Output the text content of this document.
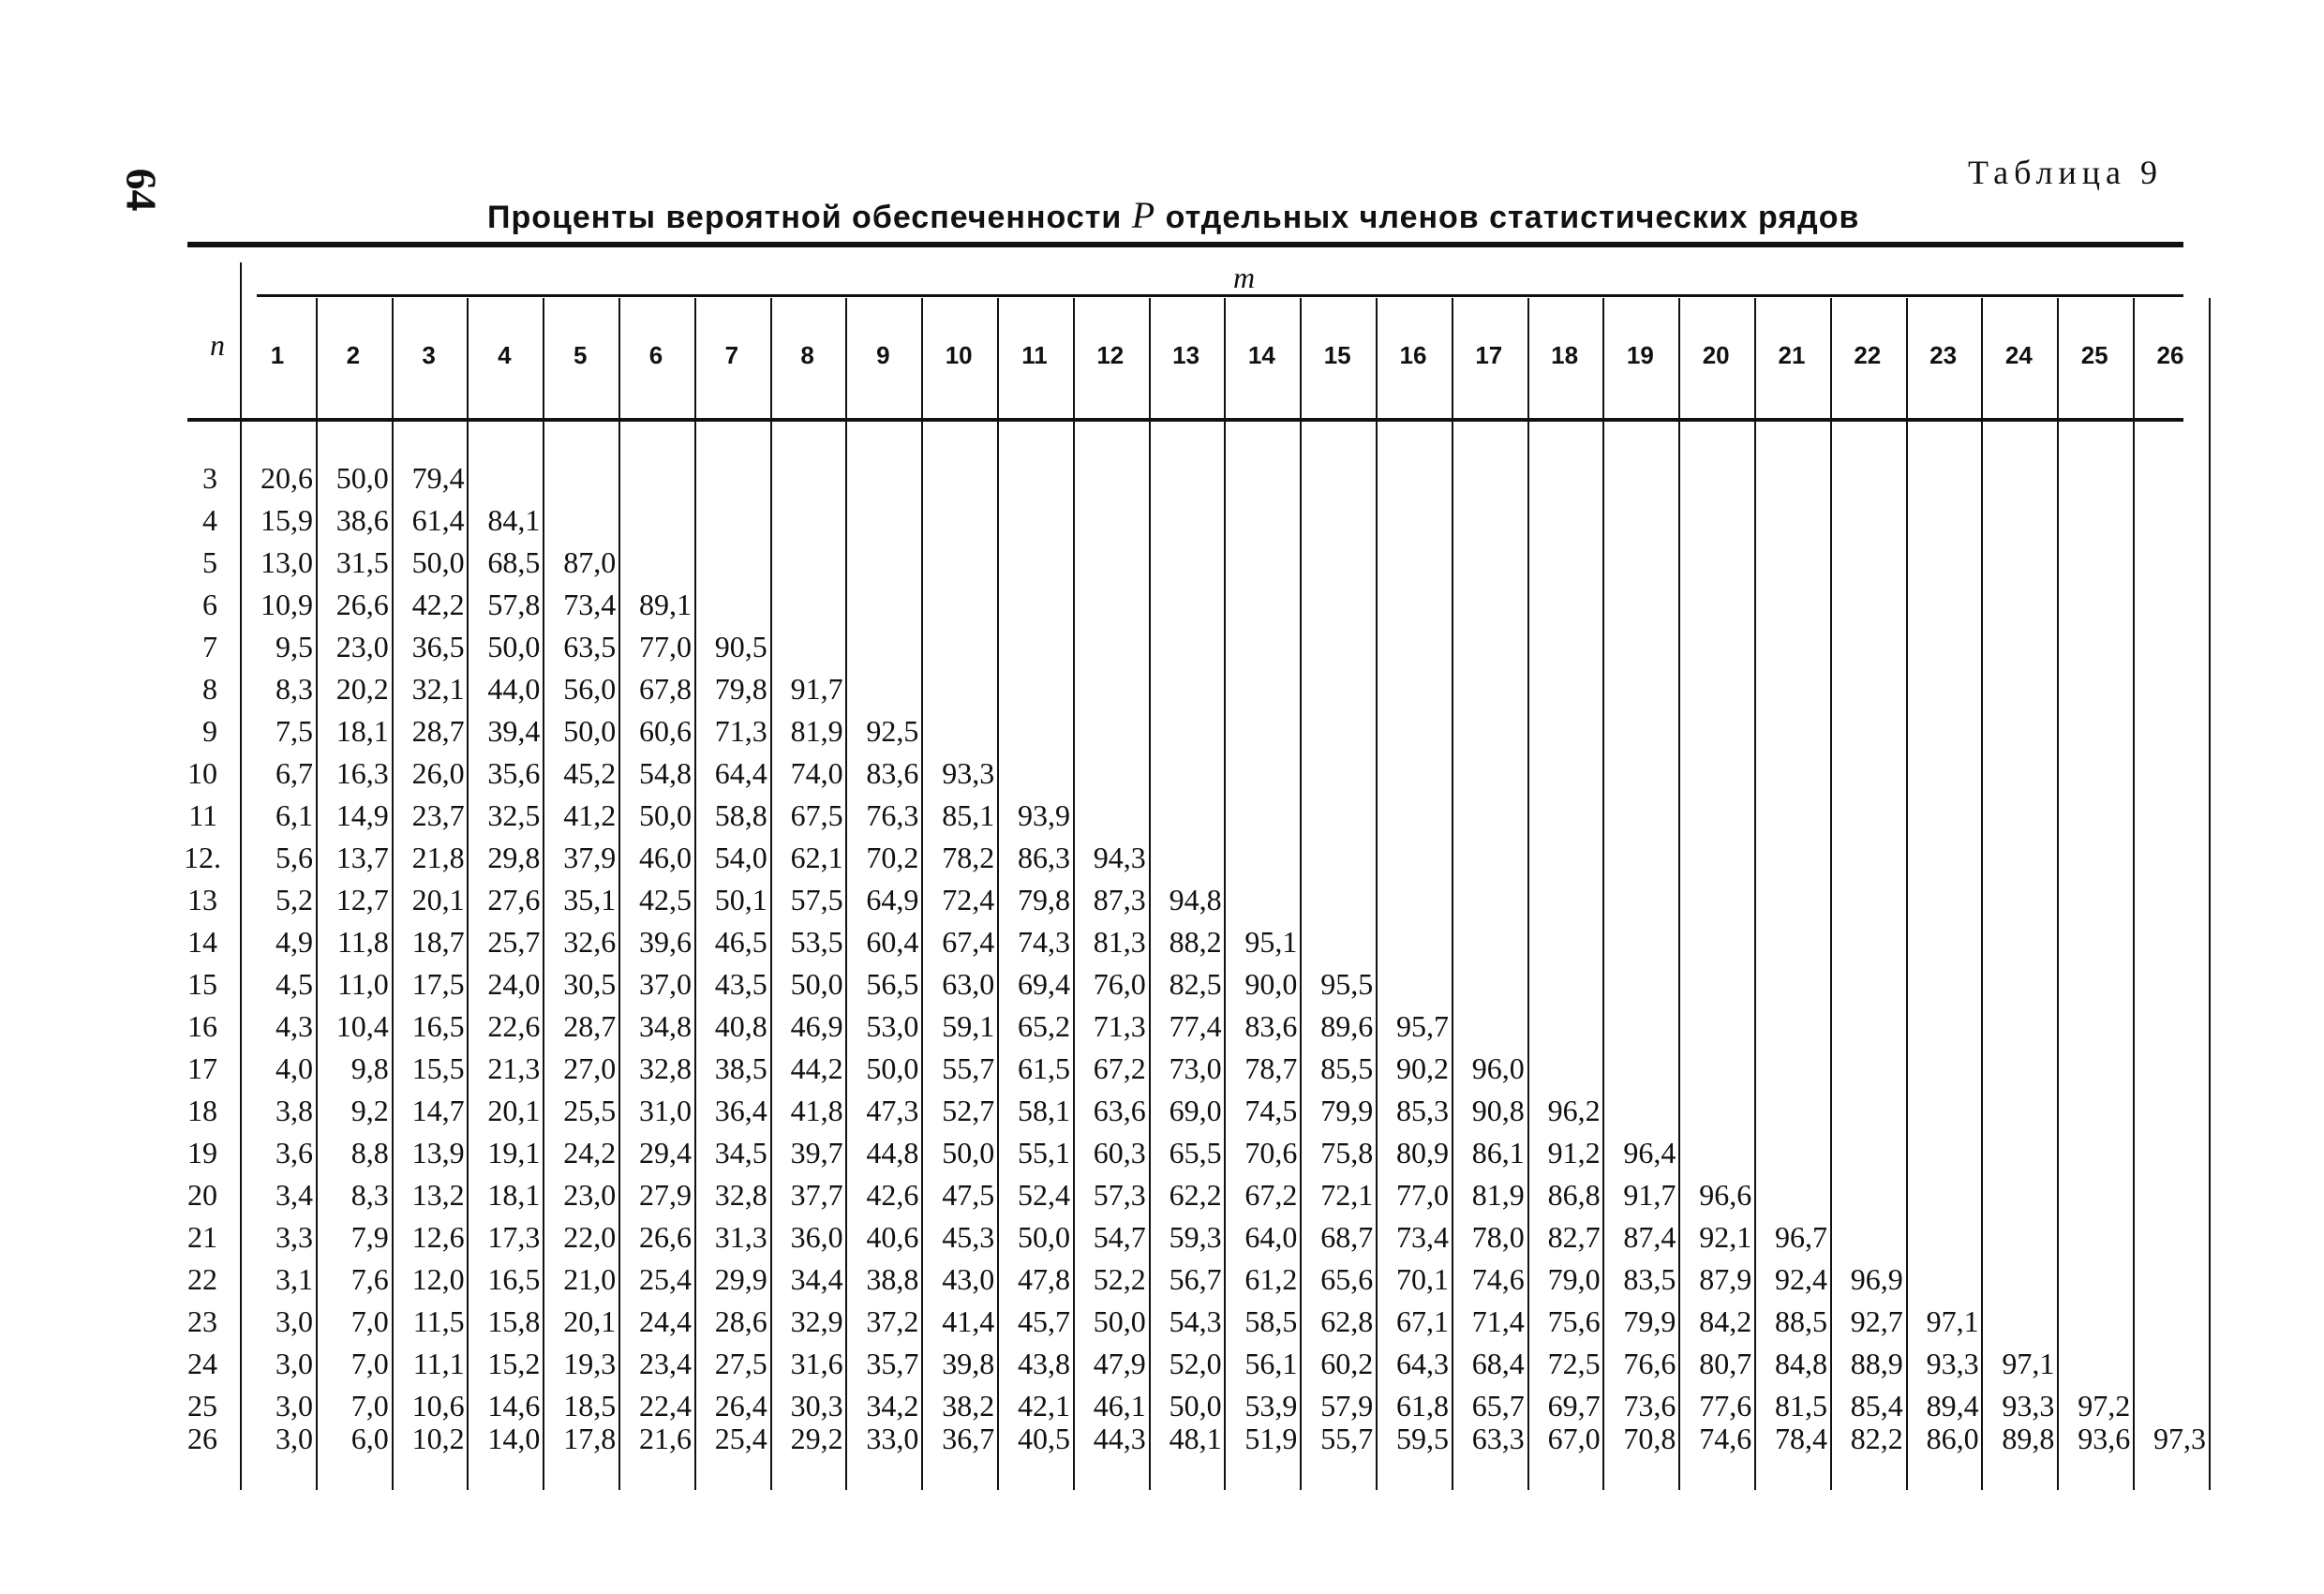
64	Таблица 9
Проценты вероятной обеспеченности P отдельных членов статистических рядов
m
n	1	2	3	4	5	6	7	8	9	10	11	12	13	14	15	16	17	18	19	20	21	22	23	24	25	26
3	20,6 50,0 79,4
4	15,9 38,6 61,4 84,1
5	13,0 31,5 50,0 68,5 87,0
6	10,9 26,6 42,2 57,8 73,4 89,1
7	9,5 23,0 36,5 50,0 63,5 77,0 90,5
8	8,3 20,2 32,1 44,0 56,0 67,8 79,8 91,7
9	7,5 18,1 28,7 39,4 50,0 60,6 71,3 81,9 92,5
10	6,7 16,3 26,0 35,6 45,2 54,8 64,4 74,0 83,6 93,3
11	6,1 14,9 23,7 32,5 41,2 50,0 58,8 67,5 76,3 85,1 93,9
12.	5,6 13,7 21,8 29,8 37,9 46,0 54,0 62,1 70,2 78,2 86,3 94,3
13	5,2 12,7 20,1 27,6 35,1 42,5 50,1 57,5 64,9 72,4 79,8 87,3 94,8
14	4,9 11,8 18,7 25,7 32,6 39,6 46,5 53,5 60,4 67,4 74,3 81,3 88,2 95,1
15	4,5 11,0 17,5 24,0 30,5 37,0 43,5 50,0 56,5 63,0 69,4 76,0 82,5 90,0 95,5
16	4,3 10,4 16,5 22,6 28,7 34,8 40,8 46,9 53,0 59,1 65,2 71,3 77,4 83,6 89,6 95,7
17	4,0	9,8 15,5 21,3 27,0 32,8 38,5 44,2 50,0 55,7 61,5 67,2 73,0 78,7 85,5 90,2 96,0
18	3,8	9,2 14,7 20,1 25,5 31,0 36,4 41,8 47,3 52,7 58,1 63,6 69,0 74,5 79,9 85,3 90,8 96,2
19	3,6	8,8 13,9 19,1 24,2 29,4 34,5 39,7 44,8 50,0 55,1 60,3 65,5 70,6 75,8 80,9 86,1 91,2 96,4
20	3,4	8,3 13,2 18,1 23,0 27,9 32,8 37,7 42,6 47,5 52,4 57,3 62,2 67,2 72,1 77,0 81,9 86,8 91,7 96,6
21	3,3	7,9 12,6 17,3 22,0 26,6 31,3 36,0 40,6 45,3 50,0 54,7 59,3 64,0 68,7 73,4 78,0 82,7 87,4 92,1 96,7
22	3,1	7,6 12,0 16,5 21,0 25,4 29,9 34,4 38,8 43,0 47,8 52,2 56,7 61,2 65,6 70,1 74,6 79,0 83,5 87,9 92,4 96,9
23	3,0	7,0 11,5 15,8 20,1 24,4 28,6 32,9 37,2 41,4 45,7 50,0 54,3 58,5 62,8 67,1 71,4 75,6 79,9 84,2 88,5 92,7 97,1
24	3,0	7,0 11,1 15,2 19,3 23,4 27,5 31,6 35,7 39,8 43,8 47,9 52,0 56,1 60,2 64,3 68,4 72,5 76,6 80,7 84,8 88,9 93,3 97,1
25	3,0	7,0 10,6 14,6 18,5 22,4 26,4 30,3 34,2 38,2 42,1 46,1 50,0 53,9 57,9 61,8 65,7 69,7 73,6 77,6 81,5 85,4 89,4 93,3 97,2
26	3,0	6,0 10,2 14,0 17,8 21,6 25,4 29,2 33,0 36,7 40,5 44,3 48,1 51,9 55,7 59,5 63,3 67,0 70,8 74,6 78,4 82,2 86,0 89,8 93,6 97,3
